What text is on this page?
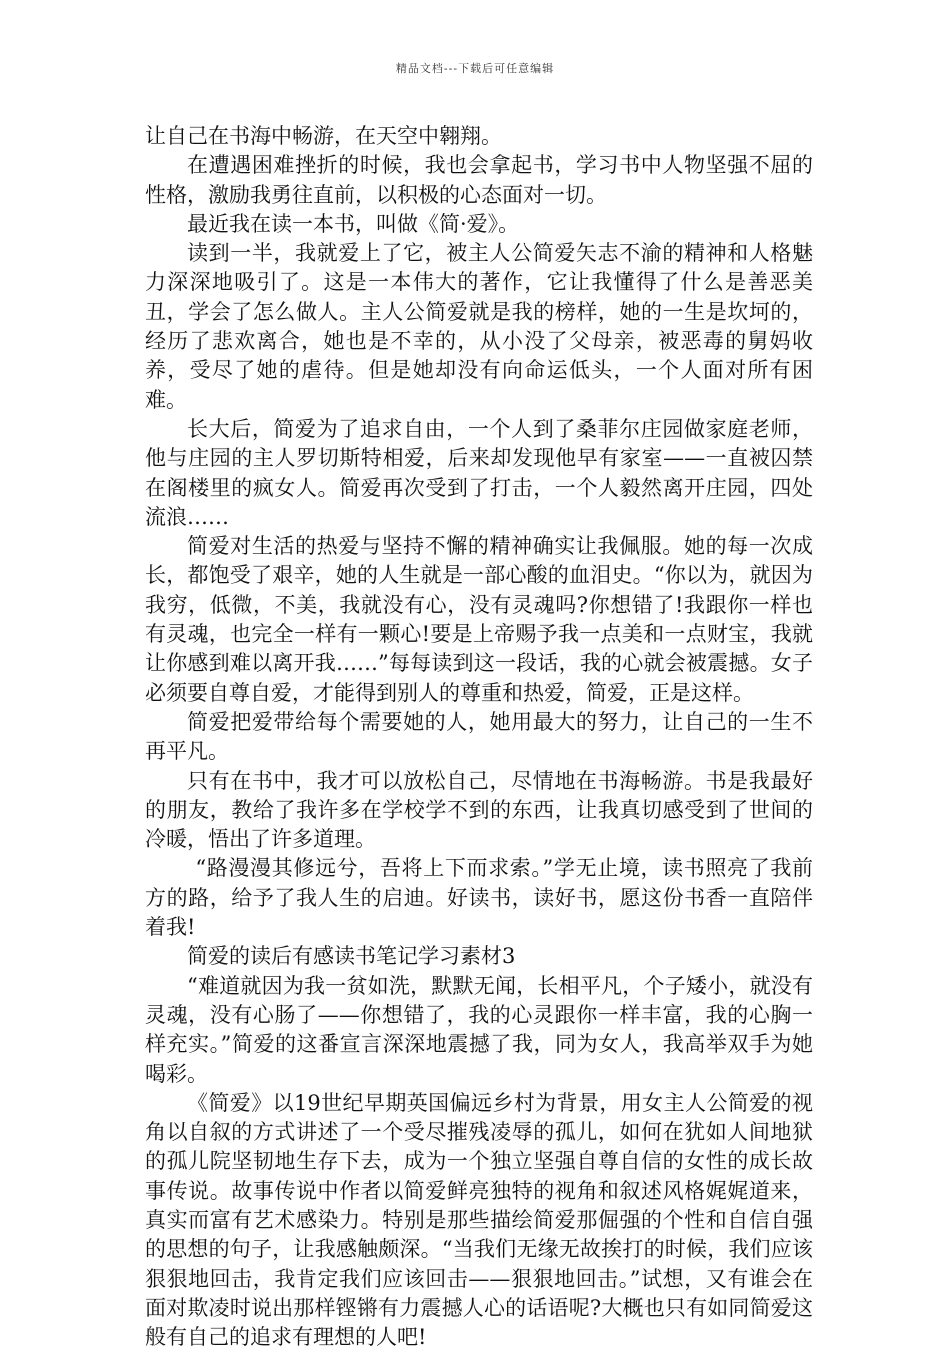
精品文档---下载后可任意编辑

让自己在书海中畅游，在天空中翱翔。

在遭遇困难挫折的时候，我也会拿起书，学习书中人物坚强不屈的性格，激励我勇往直前，以积极的心态面对一切。

最近我在读一本书，叫做《简·爱》。

读到一半，我就爱上了它，被主人公简爱矢志不渝的精神和人格魅力深深地吸引了。这是一本伟大的著作，它让我懂得了什么是善恶美丑，学会了怎么做人。主人公简爱就是我的榜样，她的一生是坎坷的，经历了悲欢离合，她也是不幸的，从小没了父母亲，被恶毒的舅妈收养，受尽了她的虐待。但是她却没有向命运低头，一个人面对所有困难。

长大后，简爱为了追求自由，一个人到了桑菲尔庄园做家庭老师，他与庄园的主人罗切斯特相爱，后来却发现他早有家室——一直被囚禁在阁楼里的疯女人。简爱再次受到了打击，一个人毅然离开庄园，四处流浪……

简爱对生活的热爱与坚持不懈的精神确实让我佩服。她的每一次成长，都饱受了艰辛，她的人生就是一部心酸的血泪史。“你以为，就因为我穷，低微，不美，我就没有心，没有灵魂吗?你想错了!我跟你一样也有灵魂，也完全一样有一颗心!要是上帝赐予我一点美和一点财宝，我就让你感到难以离开我……”每每读到这一段话，我的心就会被震撼。女子必须要自尊自爱，才能得到别人的尊重和热爱，简爱，正是这样。

简爱把爱带给每个需要她的人，她用最大的努力，让自己的一生不再平凡。

只有在书中，我才可以放松自己，尽情地在书海畅游。书是我最好的朋友，教给了我许多在学校学不到的东西，让我真切感受到了世间的冷暖，悟出了许多道理。

“路漫漫其修远兮，吾将上下而求索。”学无止境，读书照亮了我前方的路，给予了我人生的启迪。好读书，读好书，愿这份书香一直陪伴着我!

简爱的读后有感读书笔记学习素材3

“难道就因为我一贫如洗，默默无闻，长相平凡，个子矮小，就没有灵魂，没有心肠了——你想错了，我的心灵跟你一样丰富，我的心胸一样充实。”简爱的这番宣言深深地震撼了我，同为女人，我高举双手为她喝彩。

《简爱》以19世纪早期英国偏远乡村为背景，用女主人公简爱的视角以自叙的方式讲述了一个受尽摧残凌辱的孤儿，如何在犹如人间地狱的孤儿院坚韧地生存下去，成为一个独立坚强自尊自信的女性的成长故事传说。故事传说中作者以简爱鲜亮独特的视角和叙述风格娓娓道来，真实而富有艺术感染力。特别是那些描绘简爱那倔强的个性和自信自强的思想的句子，让我感触颇深。“当我们无缘无故挨打的时候，我们应该狠狠地回击，我肯定我们应该回击——狠狠地回击。”试想，又有谁会在面对欺凌时说出那样铿锵有力震撼人心的话语呢?大概也只有如同简爱这般有自己的追求有理想的人吧!
